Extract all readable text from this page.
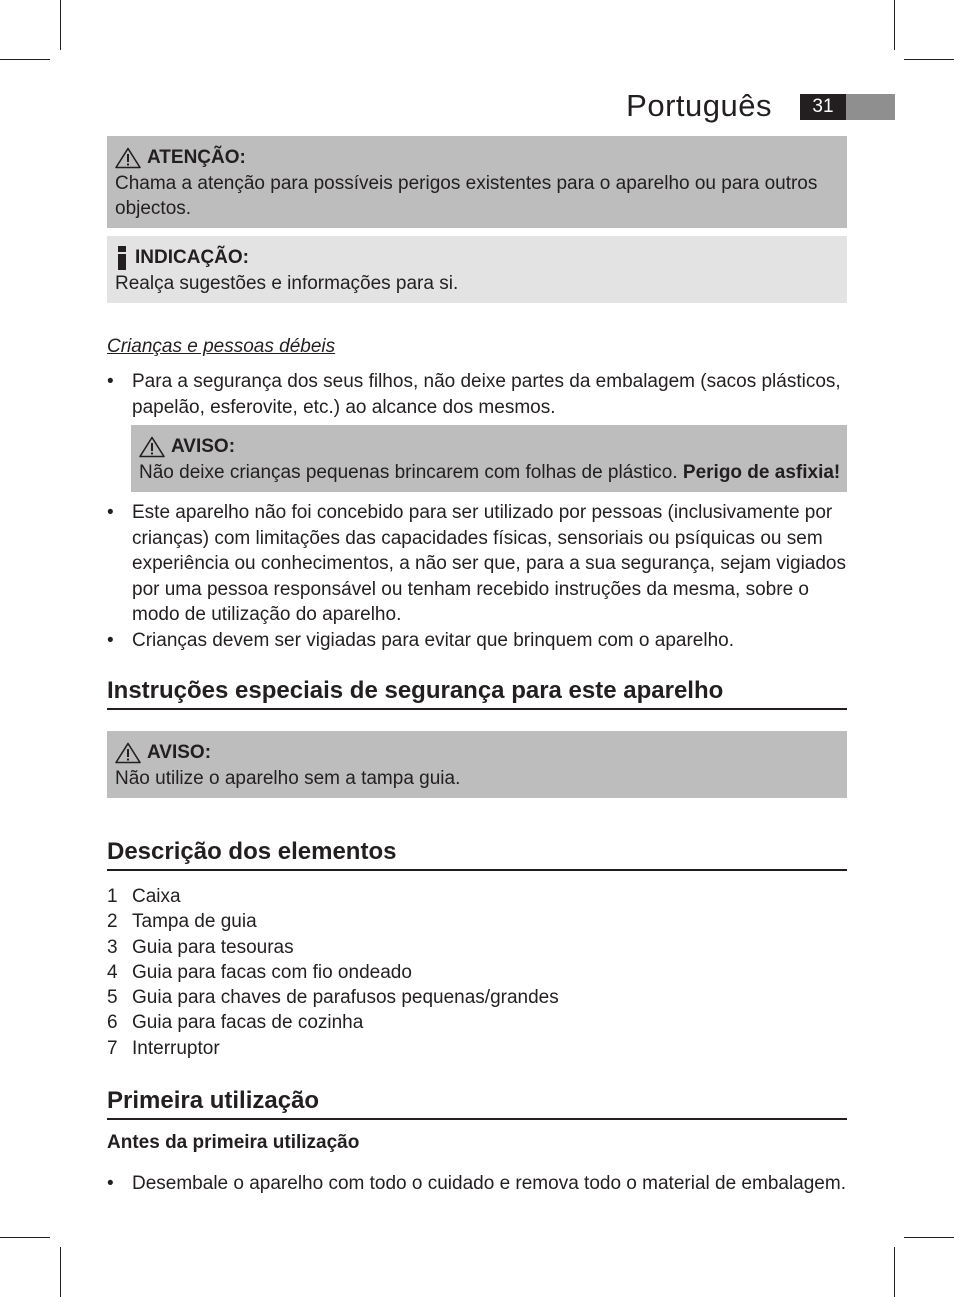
Português	31
ATENÇÃO:
Chama a atenção para possíveis perigos existentes para o aparelho ou para outros objectos.
INDICAÇÃO:
Realça sugestões e informações para si.
Crianças e pessoas débeis
• Para a segurança dos seus filhos, não deixe partes da embalagem (sacos plásticos, papelão, esferovite, etc.) ao alcance dos mesmos.
AVISO:
Não deixe crianças pequenas brincarem com folhas de plástico. Perigo de asfixia!
• Este aparelho não foi concebido para ser utilizado por pessoas (inclusivamente por crianças) com limitações das capacidades físicas, sensoriais ou psíquicas ou sem experiência ou conhecimentos, a não ser que, para a sua segurança, sejam vigiados por uma pessoa responsável ou tenham recebido instruções da mesma, sobre o modo de utilização do aparelho.
• Crianças devem ser vigiadas para evitar que brinquem com o aparelho.
Instruções especiais de segurança para este aparelho
AVISO:
Não utilize o aparelho sem a tampa guia.
Descrição dos elementos
1 Caixa
2 Tampa de guia
3 Guia para tesouras
4 Guia para facas com fio ondeado
5 Guia para chaves de parafusos pequenas/grandes
6 Guia para facas de cozinha
7 Interruptor
Primeira utilização
Antes da primeira utilização
• Desembale o aparelho com todo o cuidado e remova todo o material de embalagem.
